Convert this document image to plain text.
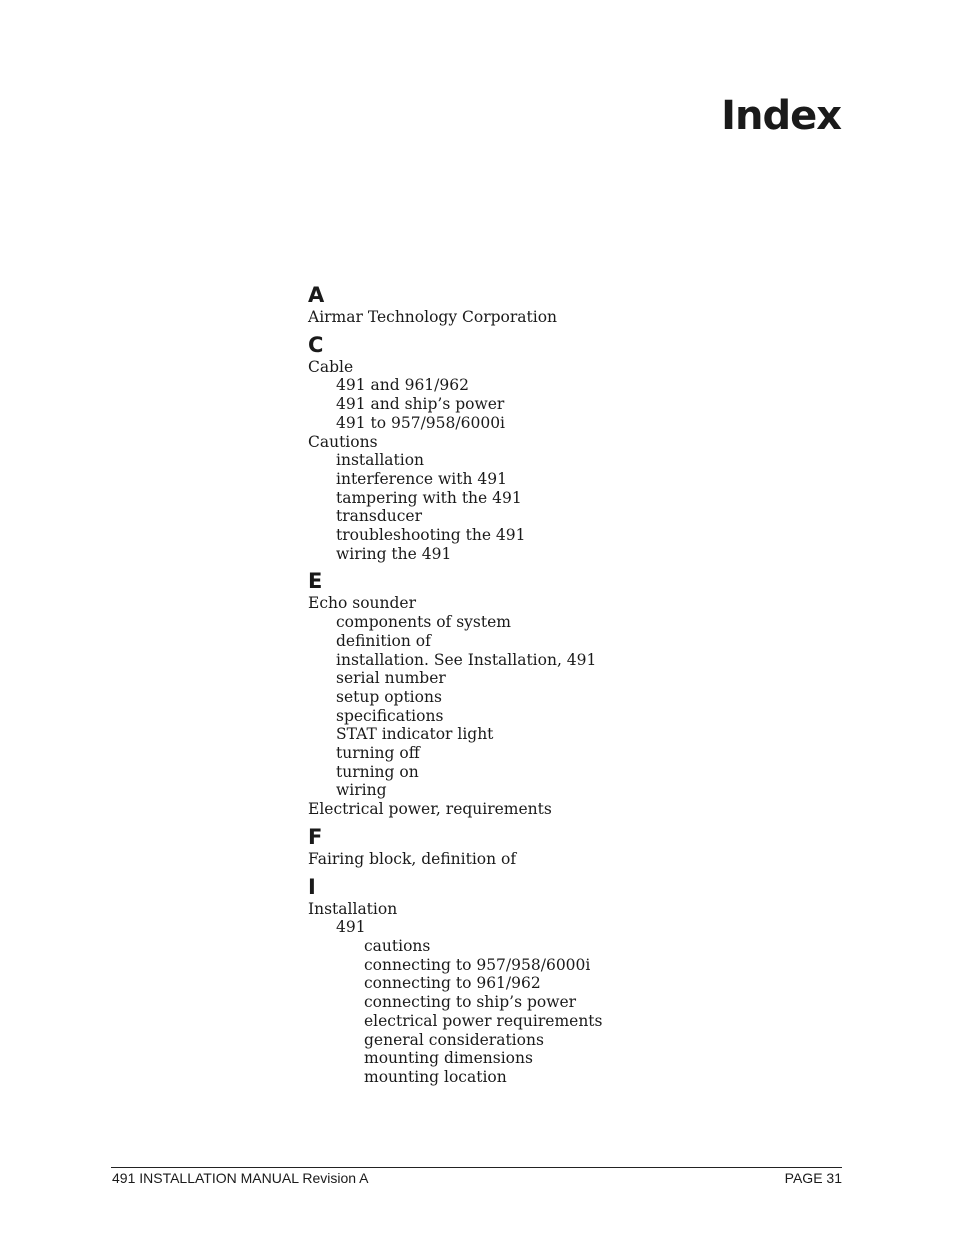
Index
A
Airmar Technology Corporation
C
Cable
491 and 961/962
491 and ship’s power
491 to 957/958/6000i
Cautions
installation
interference with 491
tampering with the 491
transducer
troubleshooting the 491
wiring the 491
E
Echo sounder
components of system
definition of
installation. See Installation, 491
serial number
setup options
specifications
STAT indicator light
turning off
turning on
wiring
Electrical power, requirements
F
Fairing block, definition of
I
Installation
491
cautions
connecting to 957/958/6000i
connecting to 961/962
connecting to ship’s power
electrical power requirements
general considerations
mounting dimensions
mounting location
491 INSTALLATION MANUAL Revision A	PAGE 31
